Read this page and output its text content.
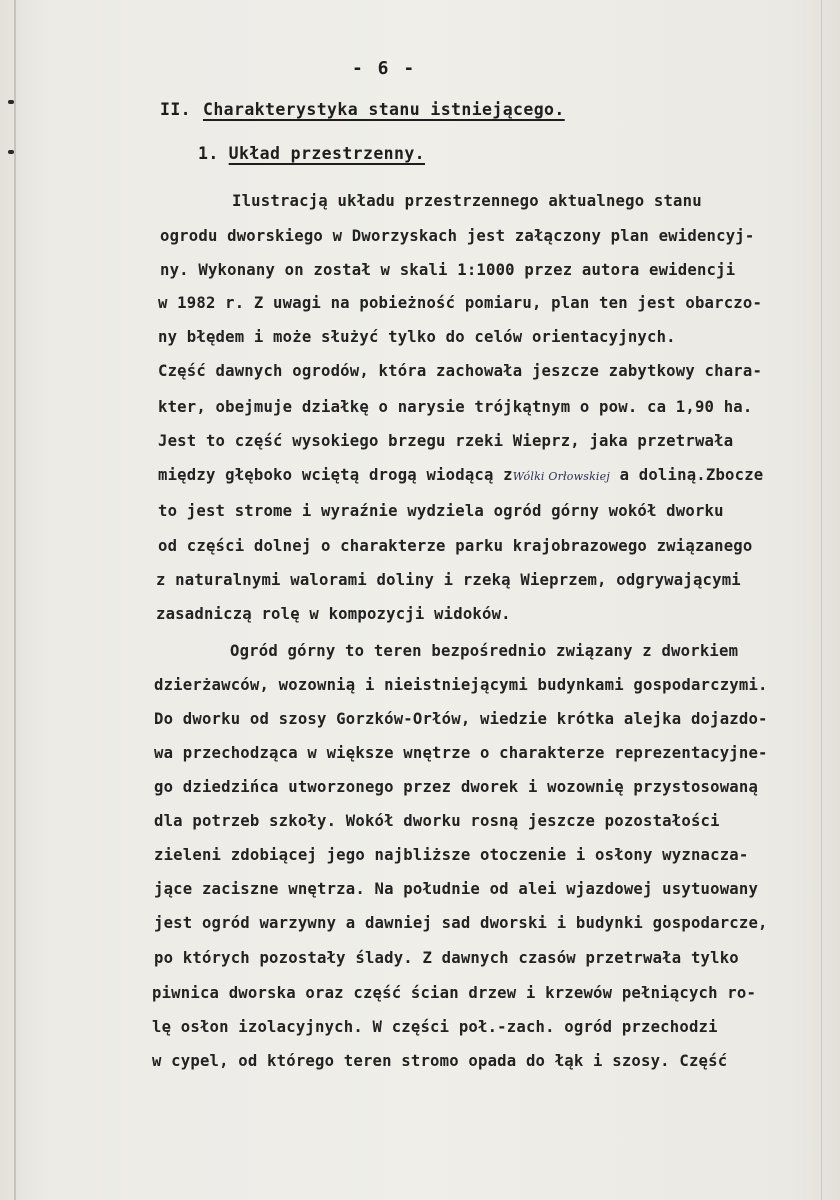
- 6 -
II. Charakterystyka stanu istniejącego.
1. Układ przestrzenny.
Ilustracją układu przestrzennego aktualnego stanu
ogrodu dworskiego w Dworzyskach jest załączony plan ewidencyj-
ny. Wykonany on został w skali 1:1000 przez autora ewidencji
w 1982 r. Z uwagi na pobieżność pomiaru, plan ten jest obarczo-
ny błędem i może służyć tylko do celów orientacyjnych.
Część dawnych ogrodów, która zachowała jeszcze zabytkowy chara-
kter, obejmuje działkę o narysie trójkątnym o pow. ca 1,90 ha.
Jest to część wysokiego brzegu rzeki Wieprz, jaka przetrwała
między głęboko wciętą drogą wiodącą zWólki Orłowskiej a doliną.Zbocze
to jest strome i wyraźnie wydziela ogród górny wokół dworku
od części dolnej o charakterze parku krajobrazowego związanego
z naturalnymi walorami doliny i rzeką Wieprzem, odgrywającymi
zasadniczą rolę w kompozycji widoków.
Ogród górny to teren bezpośrednio związany z dworkiem
dzierżawców, wozownią i nieistniejącymi budynkami gospodarczymi.
Do dworku od szosy Gorzków-Orłów, wiedzie krótka alejka dojazdo-
wa przechodząca w większe wnętrze o charakterze reprezentacyjne-
go dziedzińca utworzonego przez dworek i wozownię przystosowaną
dla potrzeb szkoły. Wokół dworku rosną jeszcze pozostałości
zieleni zdobiącej jego najbliższe otoczenie i osłony wyznacza-
jące zaciszne wnętrza. Na południe od alei wjazdowej usytuowany
jest ogród warzywny a dawniej sad dworski i budynki gospodarcze,
po których pozostały ślady. Z dawnych czasów przetrwała tylko
piwnica dworska oraz część ścian drzew i krzewów pełniących ro-
lę osłon izolacyjnych. W części poł.-zach. ogród przechodzi
w cypel, od którego teren stromo opada do łąk i szosy. Część
